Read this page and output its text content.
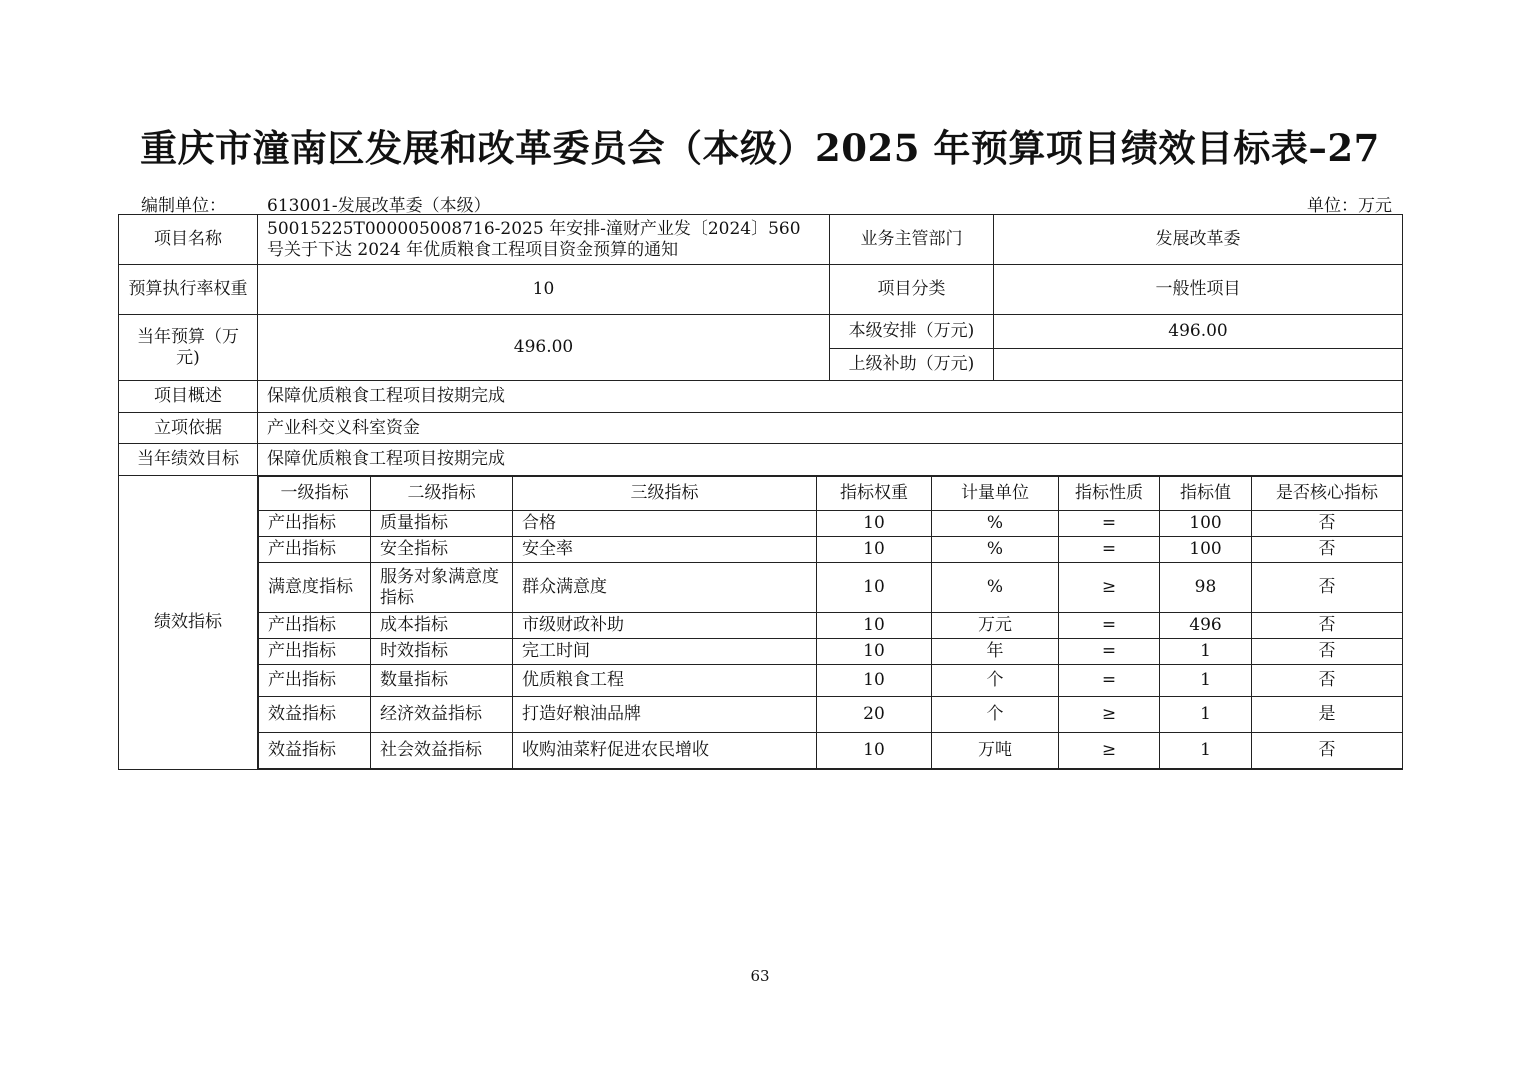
重庆市潼南区发展和改革委员会（本级）2025 年预算项目绩效目标表–27
编制单位： 613001-发展改革委（本级）	单位：万元
项目名称	50015225T000005008716-2025 年安排-潼财产业发〔2024〕560 号关于下达 2024 年优质粮食工程项目资金预算的通知	业务主管部门	发展改革委
预算执行率权重	10	项目分类	一般性项目
当年预算（万元)	496.00	本级安排（万元)	496.00
上级补助（万元)	
项目概述	保障优质粮食工程项目按期完成
立项依据	产业科交义科室资金
当年绩效目标	保障优质粮食工程项目按期完成
绩效指标	
一级指标	二级指标	三级指标	指标权重	计量单位	指标性质	指标值	是否核心指标
产出指标	质量指标	合格	10	%	=	100	否
产出指标	安全指标	安全率	10	%	=	100	否
满意度指标	服务对象满意度指标	群众满意度	10	%	≥	98	否
产出指标	成本指标	市级财政补助	10	万元	=	496	否
产出指标	时效指标	完工时间	10	年	=	1	否
产出指标	数量指标	优质粮食工程	10	个	=	1	否
效益指标	经济效益指标	打造好粮油品牌	20	个	≥	1	是
效益指标	社会效益指标	收购油菜籽促进农民增收	10	万吨	≥	1	否
63
